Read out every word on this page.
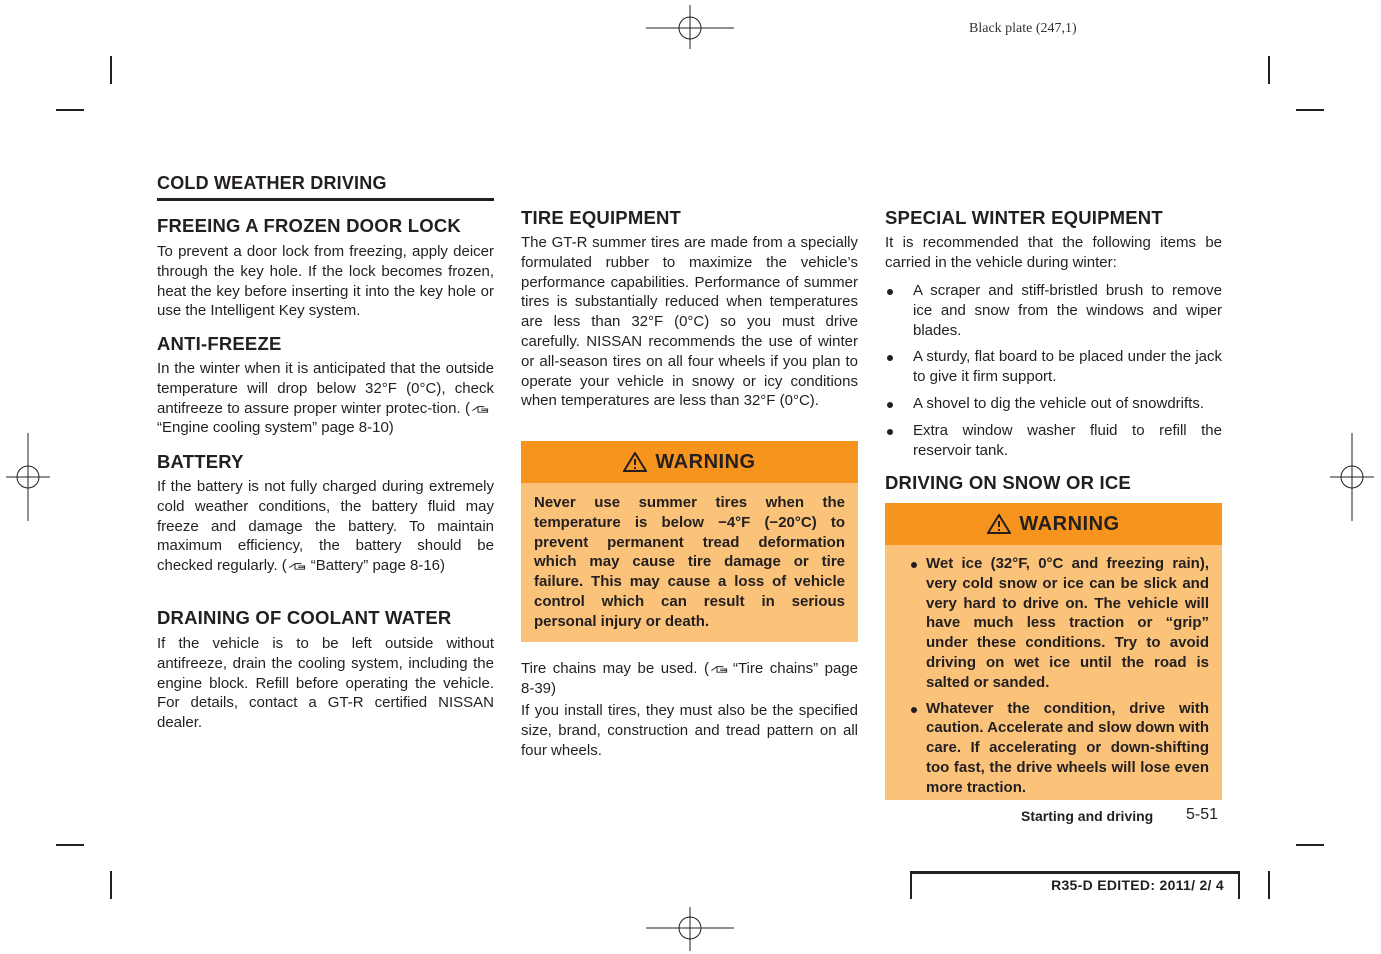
Black plate (247,1)
COLD WEATHER DRIVING
FREEING A FROZEN DOOR LOCK
To prevent a door lock from freezing, apply deicer through the key hole. If the lock becomes frozen, heat the key before inserting it into the key hole or use the Intelligent Key system.
ANTI-FREEZE
In the winter when it is anticipated that the outside temperature will drop below 32°F (0°C), check antifreeze to assure proper winter protec-tion. (“Engine cooling system” page 8-10)
BATTERY
If the battery is not fully charged during extremely cold weather conditions, the battery fluid may freeze and damage the battery. To maintain maximum efficiency, the battery should be checked regularly. ( “Battery” page 8-16)
DRAINING OF COOLANT WATER
If the vehicle is to be left outside without antifreeze, drain the cooling system, including the engine block. Refill before operating the vehicle. For details, contact a GT-R certified NISSAN dealer.
TIRE EQUIPMENT
The GT-R summer tires are made from a specially formulated rubber to maximize the vehicle’s performance capabilities. Performance of summer tires is substantially reduced when temperatures are less than 32°F (0°C) so you must drive carefully. NISSAN recommends the use of winter or all-season tires on all four wheels if you plan to operate your vehicle in snowy or icy conditions when temperatures are less than 32°F (0°C).
WARNING
Never use summer tires when the temperature is below −4°F (−20°C) to prevent permanent tread deformation which may cause tire damage or tire failure. This may cause a loss of vehicle control which can result in serious personal injury or death.
Tire chains may be used. ( “Tire chains” page 8-39)
If you install tires, they must also be the specified size, brand, construction and tread pattern on all four wheels.
SPECIAL WINTER EQUIPMENT
It is recommended that the following items be carried in the vehicle during winter:
A scraper and stiff-bristled brush to remove ice and snow from the windows and wiper blades.
A sturdy, flat board to be placed under the jack to give it firm support.
A shovel to dig the vehicle out of snowdrifts.
Extra window washer fluid to refill the reservoir tank.
DRIVING ON SNOW OR ICE
WARNING
Wet ice (32°F, 0°C and freezing rain), very cold snow or ice can be slick and very hard to drive on. The vehicle will have much less traction or “grip” under these conditions. Try to avoid driving on wet ice until the road is salted or sanded.
Whatever the condition, drive with caution. Accelerate and slow down with care. If accelerating or down-shifting too fast, the drive wheels will lose even more traction.
Starting and driving 5-51
R35-D EDITED: 2011/ 2/ 4
